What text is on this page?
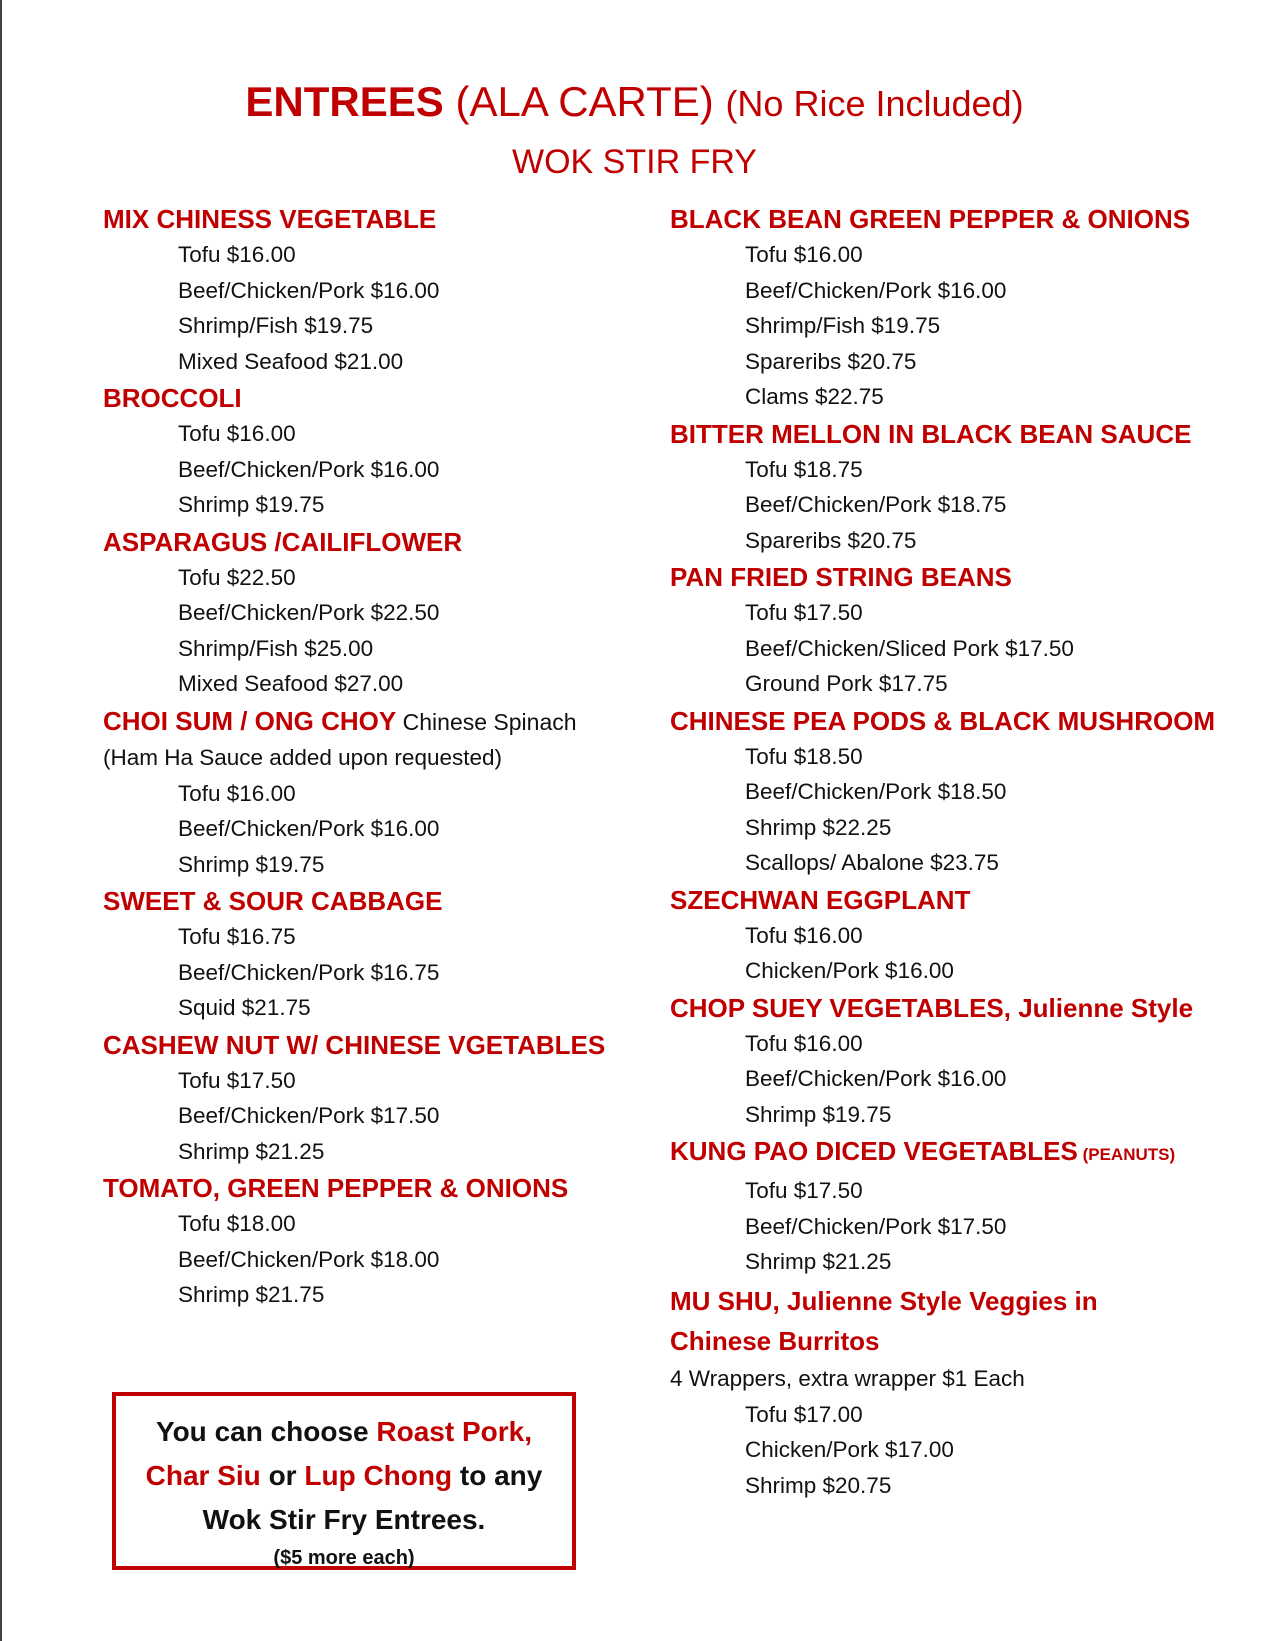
ENTREES (ALA CARTE) (No Rice Included)
WOK STIR FRY
MIX CHINESS VEGETABLE
Tofu $16.00
Beef/Chicken/Pork $16.00
Shrimp/Fish $19.75
Mixed Seafood $21.00
BROCCOLI
Tofu $16.00
Beef/Chicken/Pork $16.00
Shrimp $19.75
ASPARAGUS /CAILIFLOWER
Tofu $22.50
Beef/Chicken/Pork $22.50
Shrimp/Fish $25.00
Mixed Seafood $27.00
CHOI SUM / ONG CHOY Chinese Spinach
(Ham Ha Sauce added upon requested)
Tofu $16.00
Beef/Chicken/Pork $16.00
Shrimp $19.75
SWEET & SOUR CABBAGE
Tofu $16.75
Beef/Chicken/Pork $16.75
Squid $21.75
CASHEW NUT W/ CHINESE VGETABLES
Tofu $17.50
Beef/Chicken/Pork $17.50
Shrimp $21.25
TOMATO, GREEN PEPPER & ONIONS
Tofu $18.00
Beef/Chicken/Pork $18.00
Shrimp $21.75
BLACK BEAN GREEN PEPPER & ONIONS
Tofu $16.00
Beef/Chicken/Pork $16.00
Shrimp/Fish $19.75
Spareribs $20.75
Clams $22.75
BITTER MELLON IN BLACK BEAN SAUCE
Tofu $18.75
Beef/Chicken/Pork $18.75
Spareribs $20.75
PAN FRIED STRING BEANS
Tofu $17.50
Beef/Chicken/Sliced Pork $17.50
Ground Pork $17.75
CHINESE PEA PODS & BLACK MUSHROOM
Tofu $18.50
Beef/Chicken/Pork $18.50
Shrimp $22.25
Scallops/ Abalone $23.75
SZECHWAN EGGPLANT
Tofu $16.00
Chicken/Pork $16.00
CHOP SUEY VEGETABLES, Julienne Style
Tofu $16.00
Beef/Chicken/Pork $16.00
Shrimp $19.75
KUNG PAO DICED VEGETABLES (PEANUTS)
Tofu $17.50
Beef/Chicken/Pork $17.50
Shrimp $21.25
MU SHU, Julienne Style Veggies in Chinese Burritos
4 Wrappers, extra wrapper $1 Each
Tofu $17.00
Chicken/Pork $17.00
Shrimp $20.75
You can choose Roast Pork,
Char Siu or Lup Chong to any
Wok Stir Fry Entrees.
($5 more each)
